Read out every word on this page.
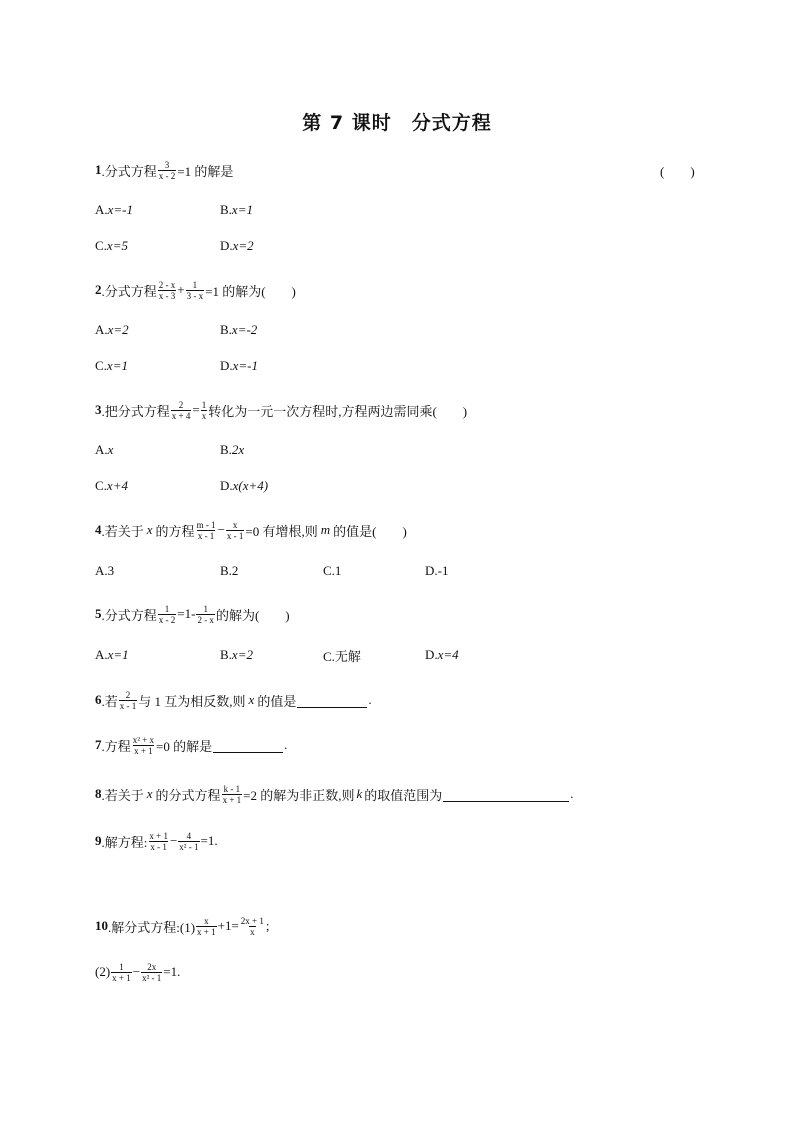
第 7 课时　分式方程
1 .分式方程 $\frac{3}{x - 2} =1$ 的解是	(　　)
A. x=-1	B. x=1
C. x=5	D. x=2
2 .分式方程 $\frac{2 - x}{x - 3} + \frac{1}{3 - x} =1$ 的解为(　　)
A. x=2	B. x=-2
C. x=1	D. x=-1
3 .把分式方程 $\frac{2}{x + 4} = \frac{1}{x}$ 转化为一元一次方程时,方程两边需同乘(　　)
A. x	B. 2x
C. x+4	D. x(x+4)
4 .若关于 x 的方程 $\frac{m - 1}{x - 1} - \frac{x}{x - 1} =0$ 有增根,则 m 的值是(　　)
A.3	B.2	C.1	D.-1
5 .分式方程 $\frac{1}{x - 2} =1- \frac{1}{2 - x}$ 的解为(　　)
A. x=1	B. x=2	C.无解	D. x=4
6 .若 $\frac{2}{x - 1}$ 与 1 互为相反数,则 x 的值是	.
7 .方程 $\frac{\text{x² + x}}{x + 1} =0$ 的解是	.
8 .若关于 x 的分式方程 $\frac{k - 1}{x + 1} =2$ 的解为非正数,则 k 的取值范围为	.
9 .解方程: $\frac{x + 1}{x - 1} - \frac{4}{\text{x² - 1}} =1$.
10 .解分式方程:(1) $\frac{x}{x + 1} +1= \frac{2x + 1}{x}$ ;
$(2) \frac{1}{x + 1} - \frac{2x}{\text{x² - 1}} =1$.
